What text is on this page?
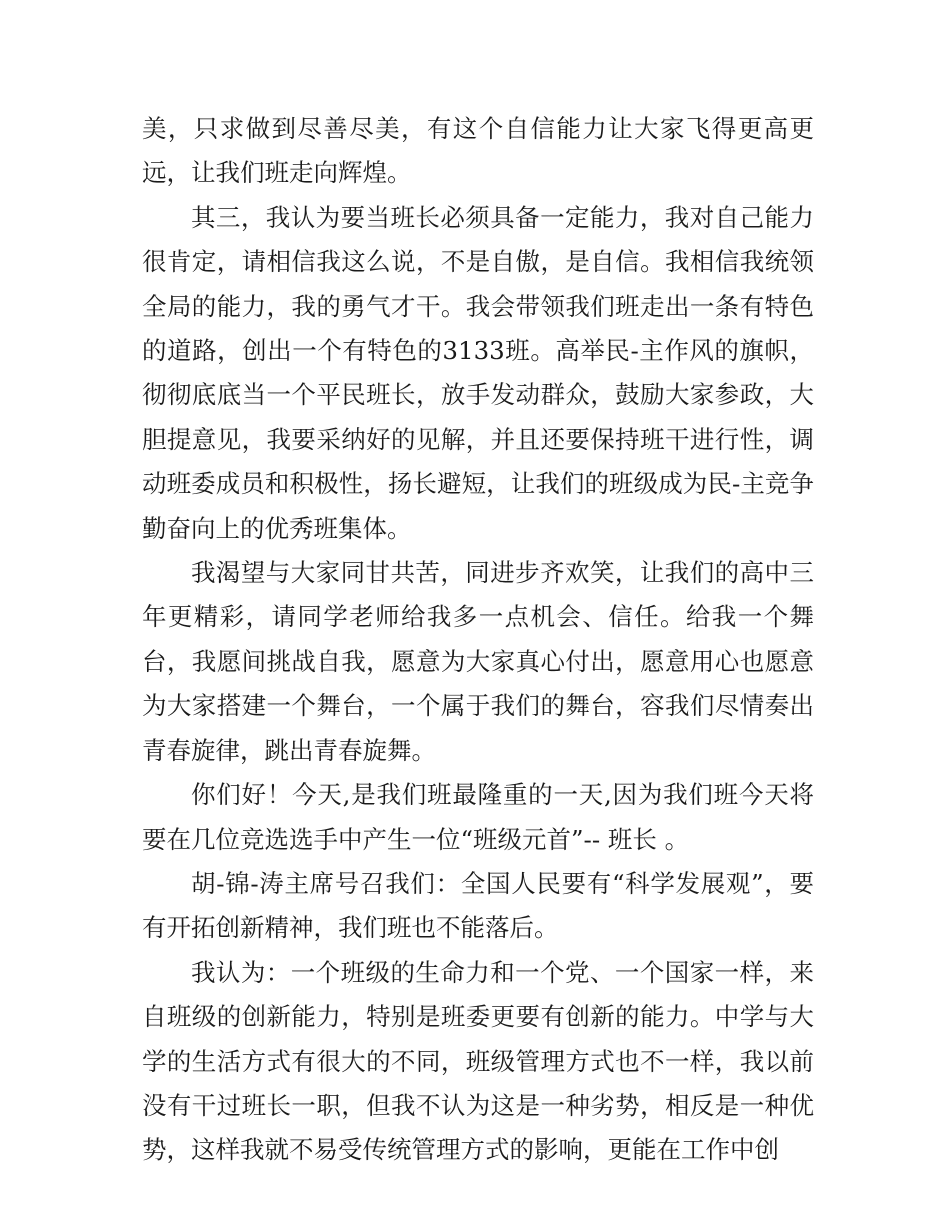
美，只求做到尽善尽美，有这个自信能力让大家飞得更高更远，让我们班走向辉煌。

其三，我认为要当班长必须具备一定能力，我对自己能力很肯定，请相信我这么说，不是自傲，是自信。我相信我统领全局的能力，我的勇气才干。我会带领我们班走出一条有特色的道路，创出一个有特色的3133班。高举民-主作风的旗帜，彻彻底底当一个平民班长，放手发动群众，鼓励大家参政，大胆提意见，我要采纳好的见解，并且还要保持班干进行性，调动班委成员和积极性，扬长避短，让我们的班级成为民-主竞争勤奋向上的优秀班集体。

我渴望与大家同甘共苦，同进步齐欢笑，让我们的高中三年更精彩，请同学老师给我多一点机会、信任。给我一个舞台，我愿间挑战自我，愿意为大家真心付出，愿意用心也愿意为大家搭建一个舞台，一个属于我们的舞台，容我们尽情奏出青春旋律，跳出青春旋舞。

你们好！今天,是我们班最隆重的一天,因为我们班今天将要在几位竞选选手中产生一位“班级元首”-- 班长 。

胡-锦-涛主席号召我们：全国人民要有“科学发展观”，要有开拓创新精神，我们班也不能落后。

我认为：一个班级的生命力和一个党、一个国家一样，来自班级的创新能力，特别是班委更要有创新的能力。中学与大学的生活方式有很大的不同，班级管理方式也不一样，我以前没有干过班长一职，但我不认为这是一种劣势，相反是一种优势，这样我就不易受传统管理方式的影响，更能在工作中创
